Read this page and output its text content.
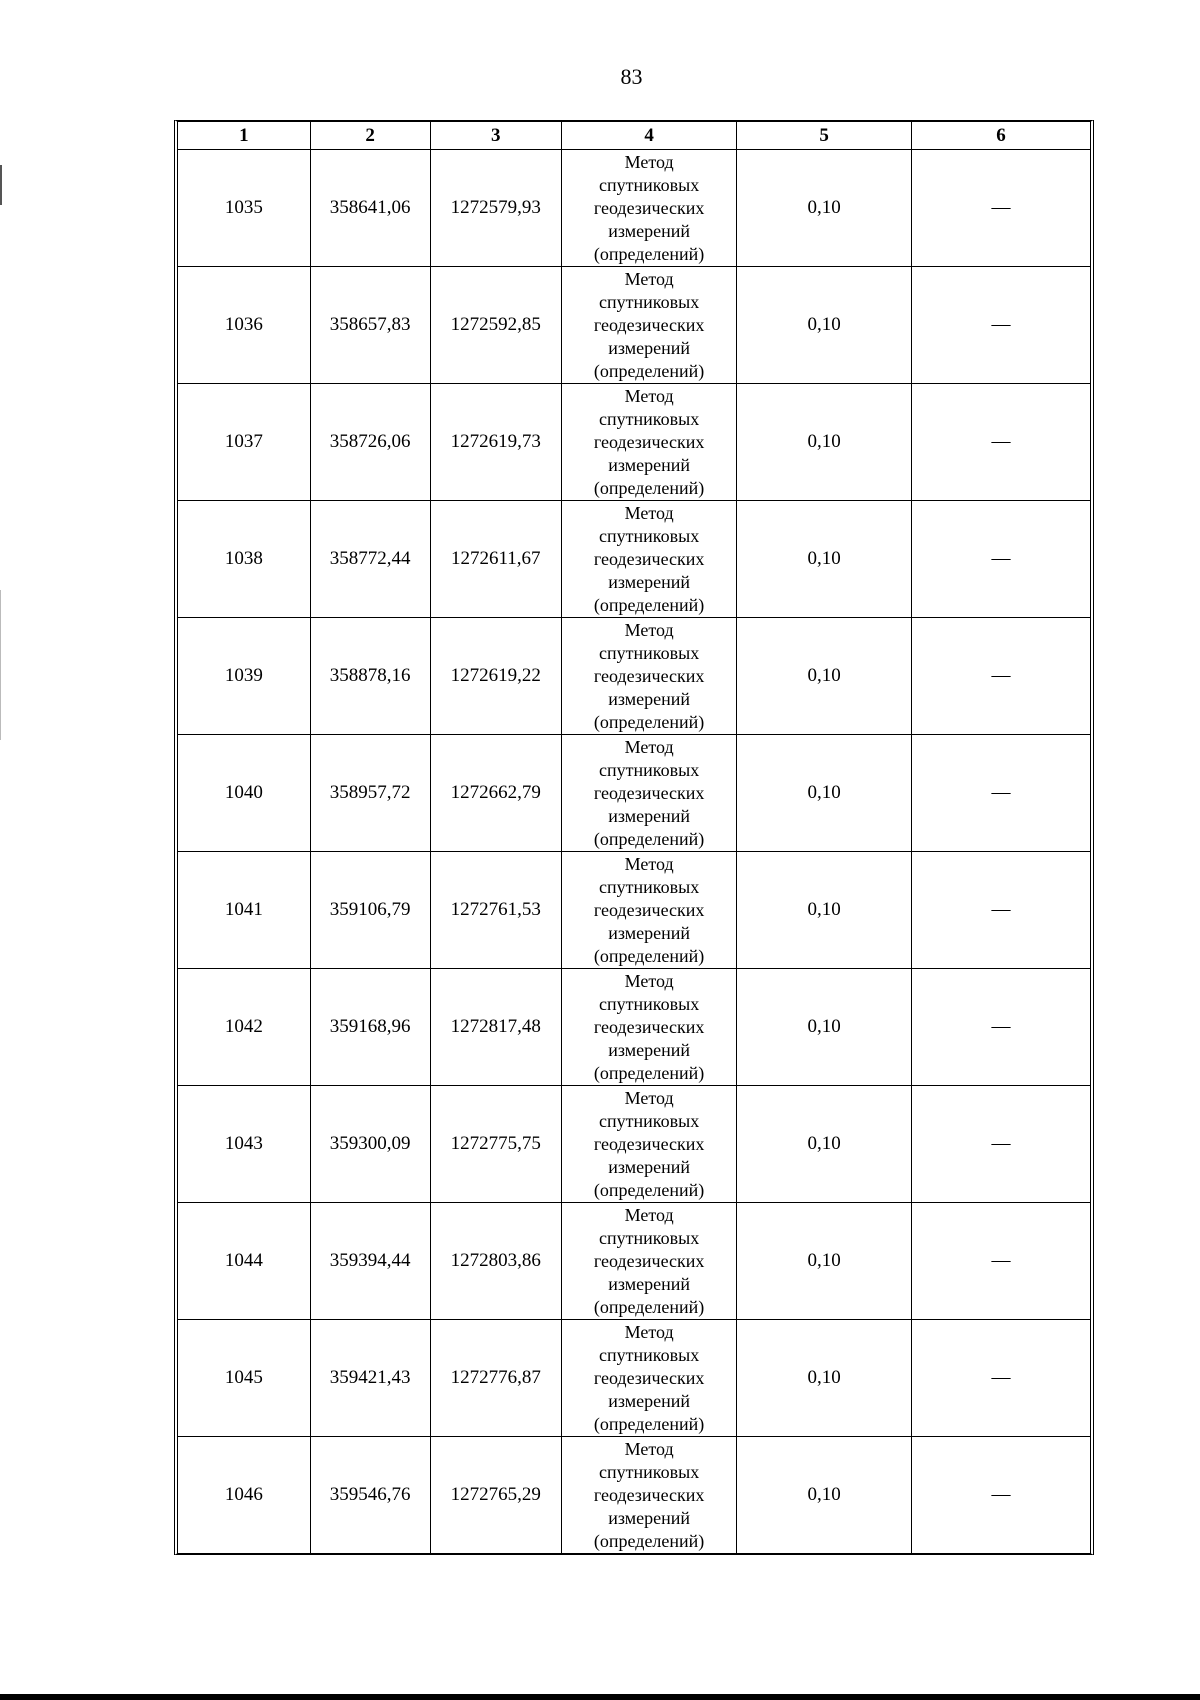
83
1	2	3	4	5	6
1035	358641,06	1272579,93	Метод
спутниковых
геодезических
измерений
(определений)	0,10	—
1036	358657,83	1272592,85	Метод
спутниковых
геодезических
измерений
(определений)	0,10	—
1037	358726,06	1272619,73	Метод
спутниковых
геодезических
измерений
(определений)	0,10	—
1038	358772,44	1272611,67	Метод
спутниковых
геодезических
измерений
(определений)	0,10	—
1039	358878,16	1272619,22	Метод
спутниковых
геодезических
измерений
(определений)	0,10	—
1040	358957,72	1272662,79	Метод
спутниковых
геодезических
измерений
(определений)	0,10	—
1041	359106,79	1272761,53	Метод
спутниковых
геодезических
измерений
(определений)	0,10	—
1042	359168,96	1272817,48	Метод
спутниковых
геодезических
измерений
(определений)	0,10	—
1043	359300,09	1272775,75	Метод
спутниковых
геодезических
измерений
(определений)	0,10	—
1044	359394,44	1272803,86	Метод
спутниковых
геодезических
измерений
(определений)	0,10	—
1045	359421,43	1272776,87	Метод
спутниковых
геодезических
измерений
(определений)	0,10	—
1046	359546,76	1272765,29	Метод
спутниковых
геодезических
измерений
(определений)	0,10	—
